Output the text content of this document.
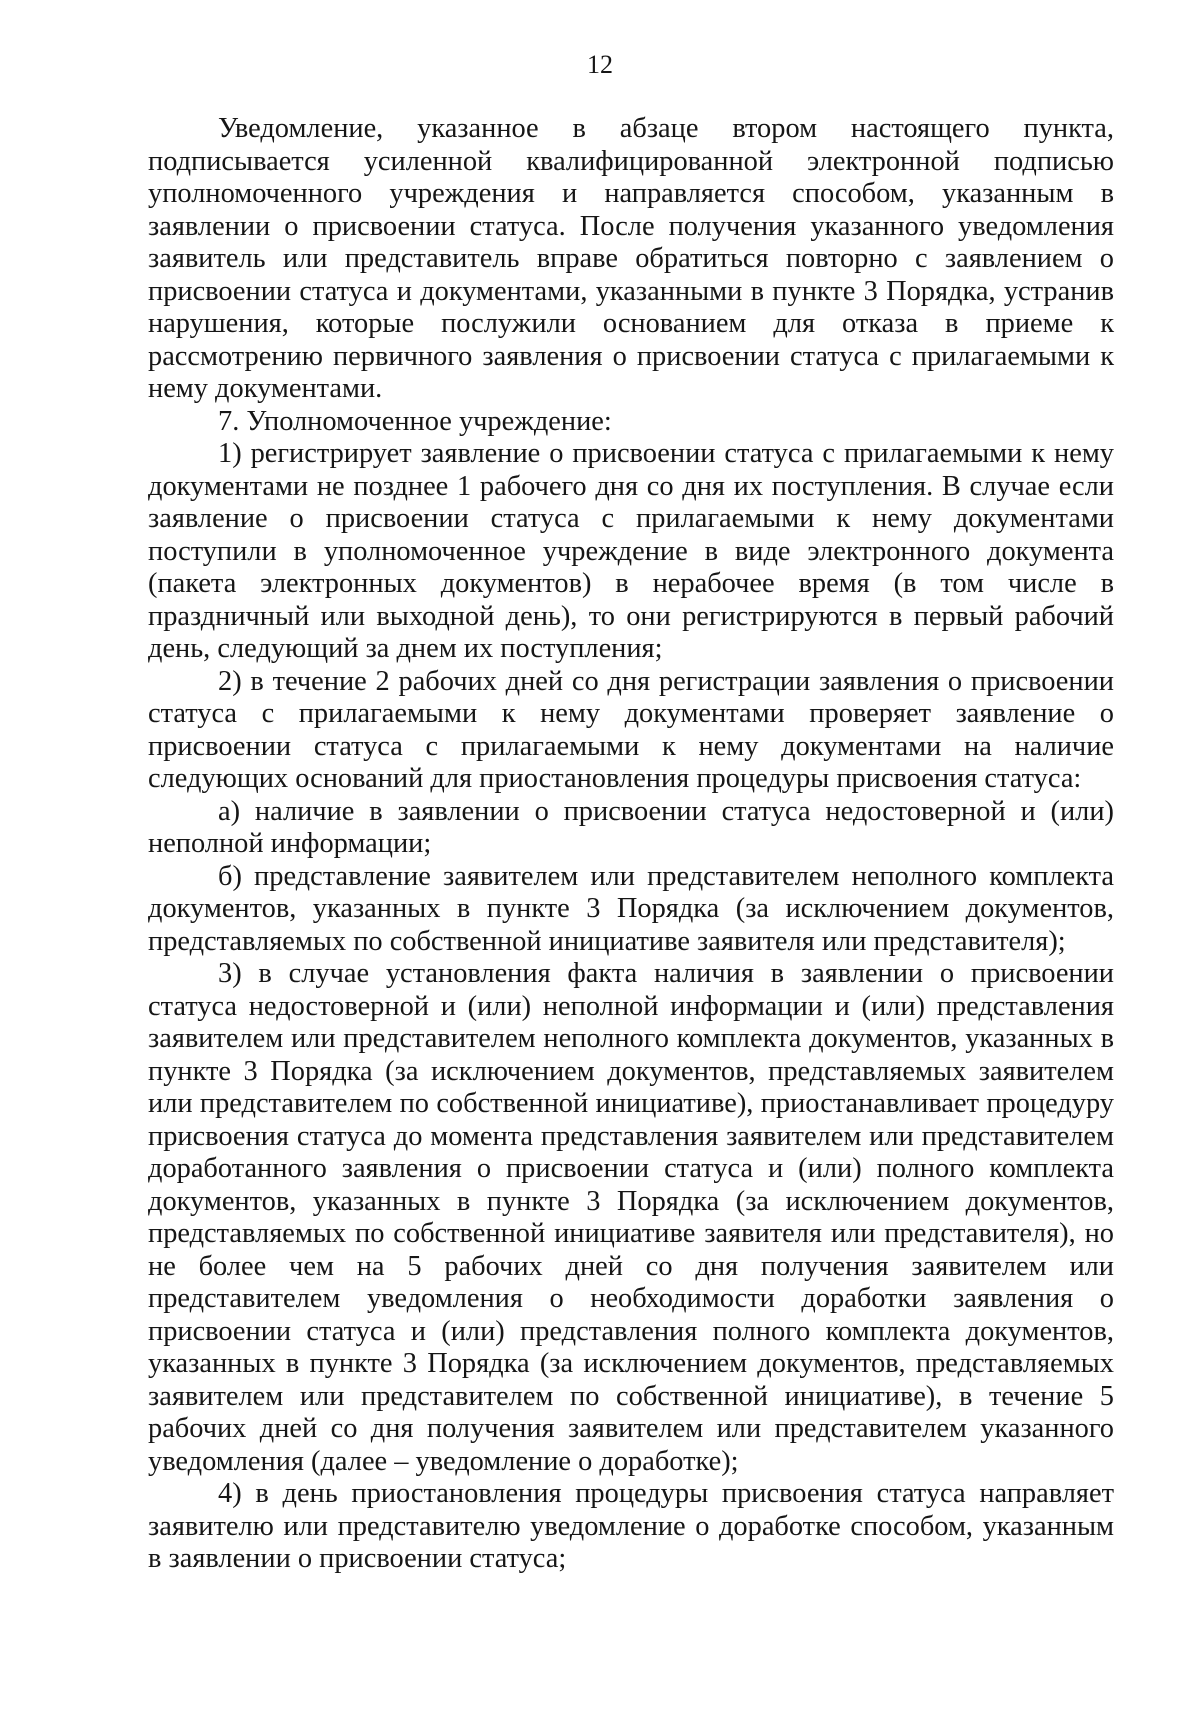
12

Уведомление, указанное в абзаце втором настоящего пункта, подписывается усиленной квалифицированной электронной подписью уполномоченного учреждения и направляется способом, указанным в заявлении о присвоении статуса. После получения указанного уведомления заявитель или представитель вправе обратиться повторно с заявлением о присвоении статуса и документами, указанными в пункте 3 Порядка, устранив нарушения, которые послужили основанием для отказа в приеме к рассмотрению первичного заявления о присвоении статуса с прилагаемыми к нему документами.

7. Уполномоченное учреждение:

1) регистрирует заявление о присвоении статуса с прилагаемыми к нему документами не позднее 1 рабочего дня со дня их поступления. В случае если заявление о присвоении статуса с прилагаемыми к нему документами поступили в уполномоченное учреждение в виде электронного документа (пакета электронных документов) в нерабочее время (в том числе в праздничный или выходной день), то они регистрируются в первый рабочий день, следующий за днем их поступления;

2) в течение 2 рабочих дней со дня регистрации заявления о присвоении статуса с прилагаемыми к нему документами проверяет заявление о присвоении статуса с прилагаемыми к нему документами на наличие следующих оснований для приостановления процедуры присвоения статуса:

а) наличие в заявлении о присвоении статуса недостоверной и (или) неполной информации;

б) представление заявителем или представителем неполного комплекта документов, указанных в пункте 3 Порядка (за исключением документов, представляемых по собственной инициативе заявителя или представителя);

3) в случае установления факта наличия в заявлении о присвоении статуса недостоверной и (или) неполной информации и (или) представления заявителем или представителем неполного комплекта документов, указанных в пункте 3 Порядка (за исключением документов, представляемых заявителем или представителем по собственной инициативе), приостанавливает процедуру присвоения статуса до момента представления заявителем или представителем доработанного заявления о присвоении статуса и (или) полного комплекта документов, указанных в пункте 3 Порядка (за исключением документов, представляемых по собственной инициативе заявителя или представителя), но не более чем на 5 рабочих дней со дня получения заявителем или представителем уведомления о необходимости доработки заявления о присвоении статуса и (или) представления полного комплекта документов, указанных в пункте 3 Порядка (за исключением документов, представляемых заявителем или представителем по собственной инициативе), в течение 5 рабочих дней со дня получения заявителем или представителем указанного уведомления (далее – уведомление о доработке);

4) в день приостановления процедуры присвоения статуса направляет заявителю или представителю уведомление о доработке способом, указанным в заявлении о присвоении статуса;
